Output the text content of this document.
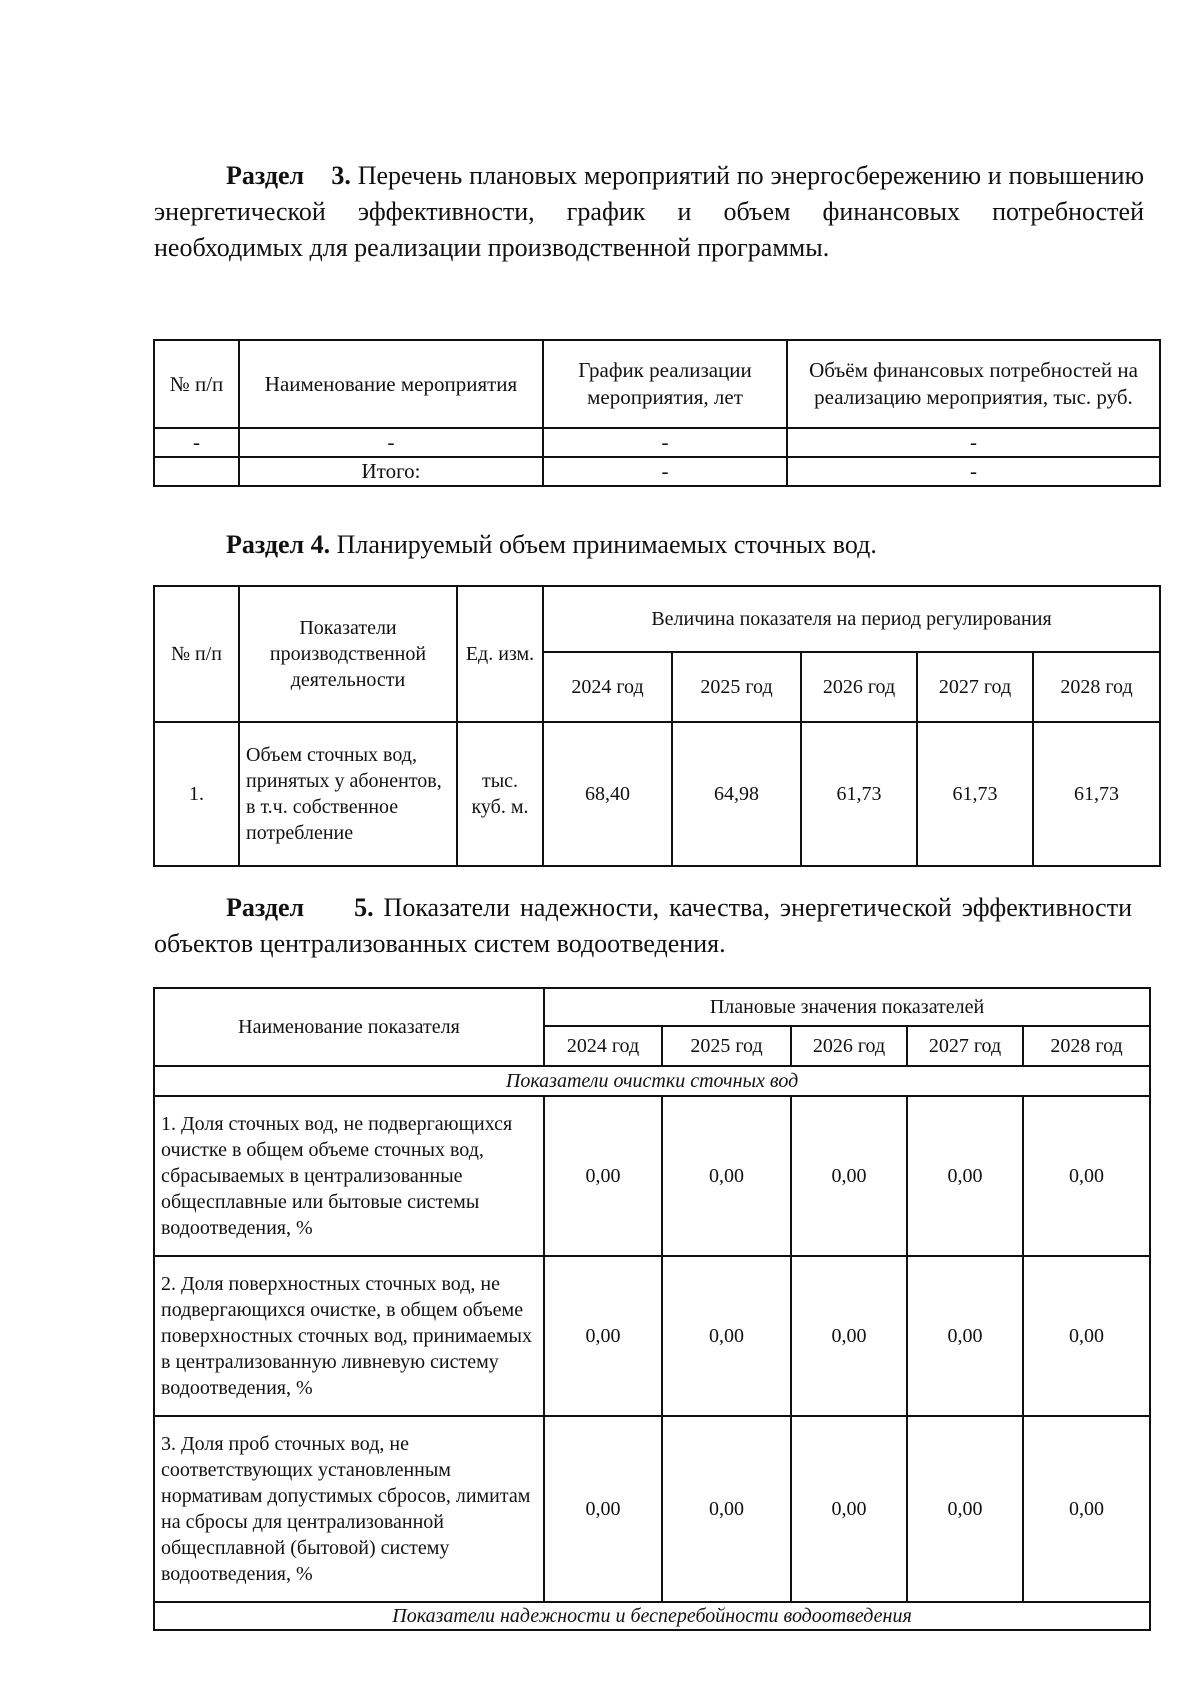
Раздел 3. Перечень плановых мероприятий по энергосбережению и повышению энергетической эффективности, график и объем финансовых потребностей необходимых для реализации производственной программы.
№ п/п	Наименование мероприятия	График реализации мероприятия, лет	Объём финансовых потребностей на реализацию мероприятия, тыс. руб.
-	-	-	-
	Итого:	-	-
Раздел 4. Планируемый объем принимаемых сточных вод.
№ п/п	Показатели производственной деятельности	Ед. изм.	Величина показателя на период регулирования				
			2024 год	2025 год	2026 год	2027 год	2028 год
1.	Объем сточных вод, принятых у абонентов, в т.ч. собственное потребление	тыс. куб. м.	68,40	64,98	61,73	61,73	61,73
Раздел 5. Показатели надежности, качества, энергетической эффективности объектов централизованных систем водоотведения.
Наименование показателя	Плановые значения показателей				
	2024 год	2025 год	2026 год	2027 год	2028 год
Показатели очистки сточных вод					
1. Доля сточных вод, не подвергающихся очистке в общем объеме сточных вод, сбрасываемых в централизованные общесплавные или бытовые системы водоотведения, %	0,00	0,00	0,00	0,00	0,00
2. Доля поверхностных сточных вод, не подвергающихся очистке, в общем объеме поверхностных сточных вод, принимаемых в централизованную ливневую систему водоотведения, %	0,00	0,00	0,00	0,00	0,00
3. Доля проб сточных вод, не соответствующих установленным нормативам допустимых сбросов, лимитам на сбросы для централизованной общесплавной (бытовой) систему водоотведения, %	0,00	0,00	0,00	0,00	0,00
Показатели надежности и бесперебойности водоотведения					
